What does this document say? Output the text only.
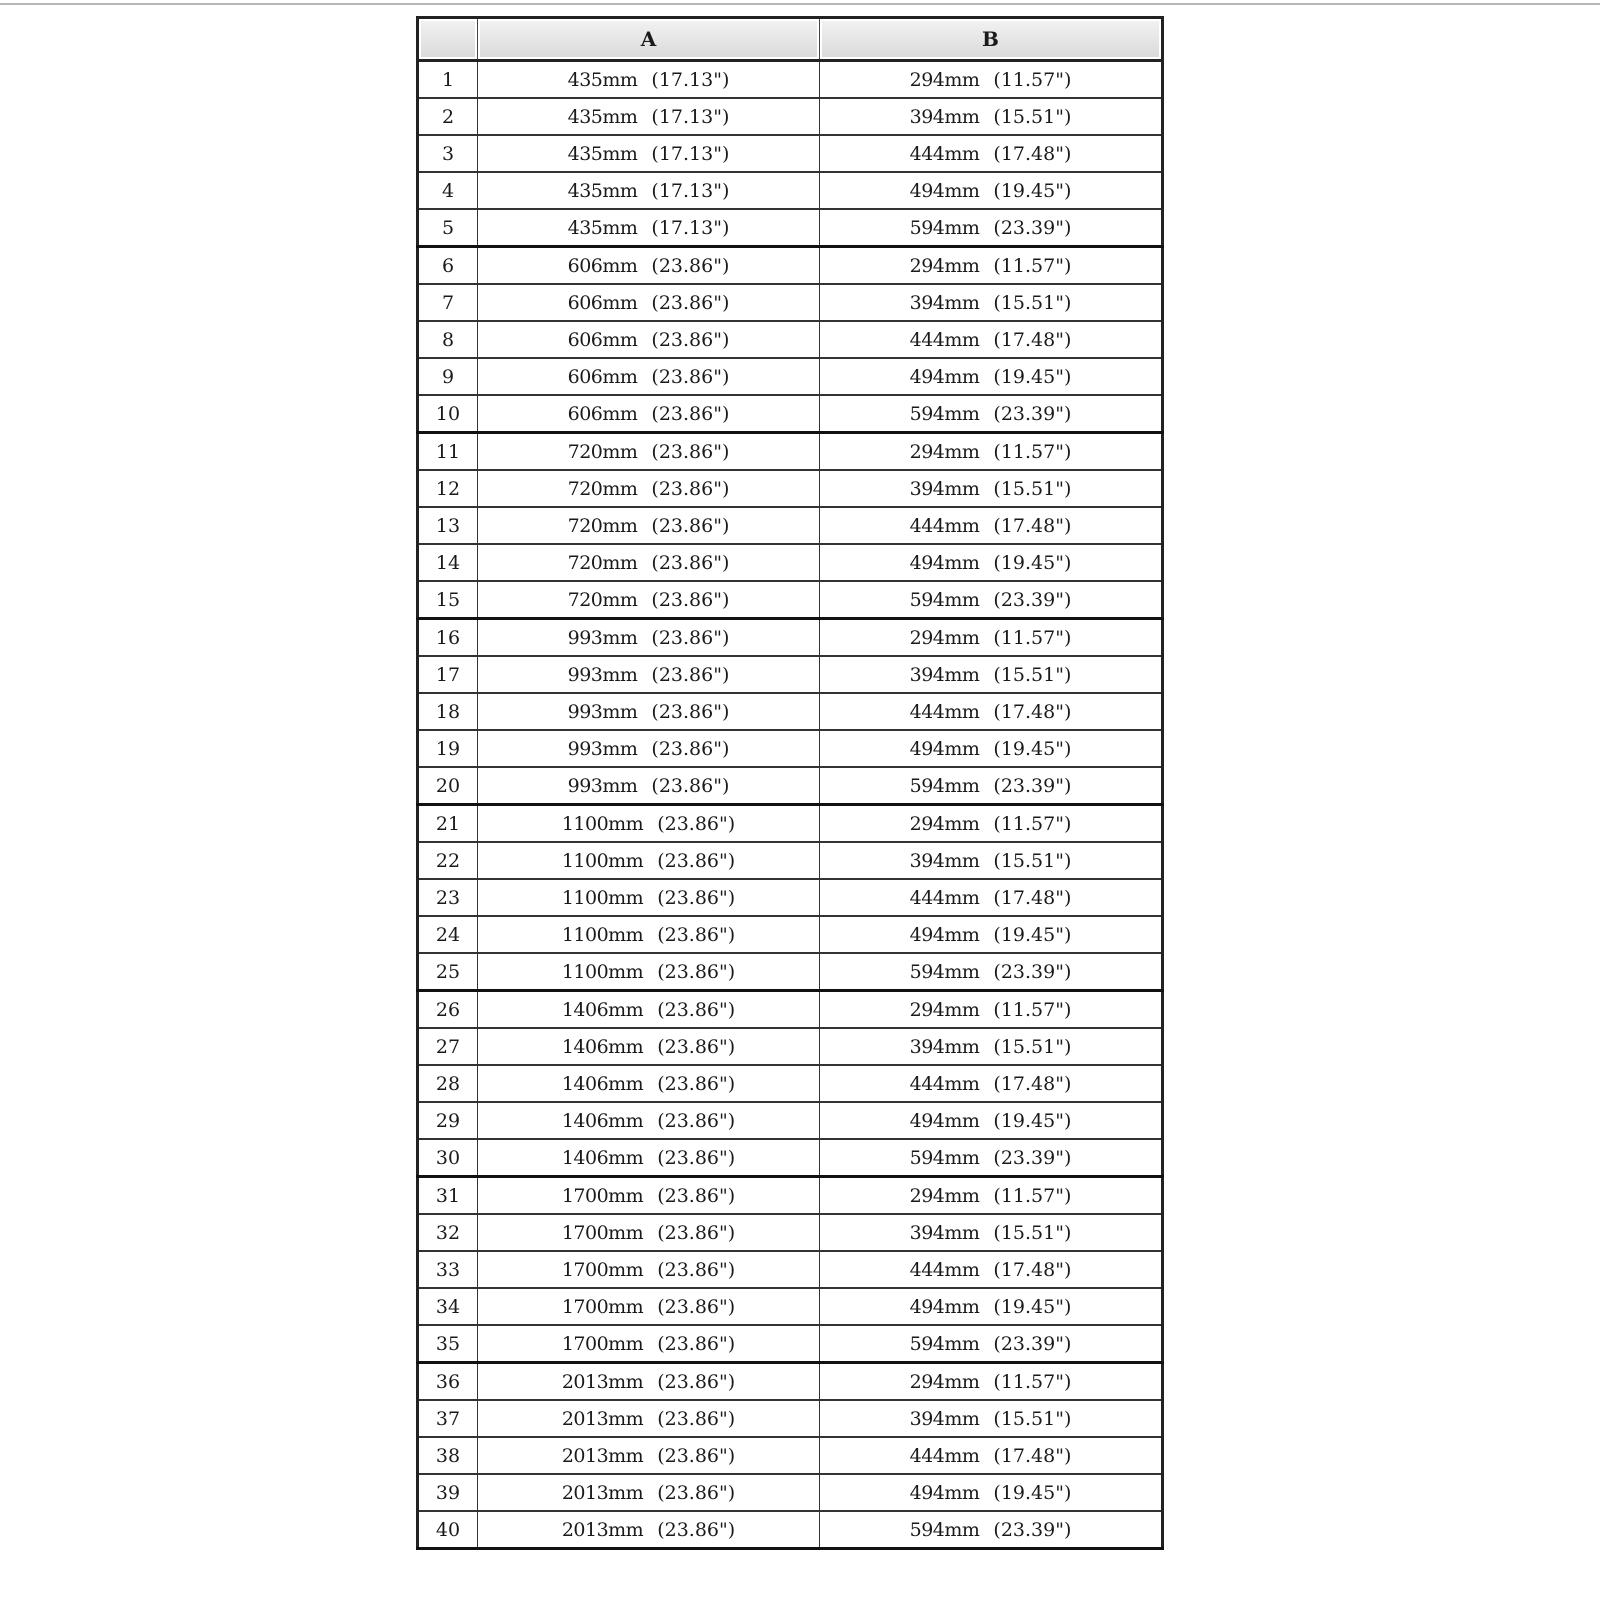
	A	B
1	435mm (17.13")	294mm (11.57")
2	435mm (17.13")	394mm (15.51")
3	435mm (17.13")	444mm (17.48")
4	435mm (17.13")	494mm (19.45")
5	435mm (17.13")	594mm (23.39")
6	606mm (23.86")	294mm (11.57")
7	606mm (23.86")	394mm (15.51")
8	606mm (23.86")	444mm (17.48")
9	606mm (23.86")	494mm (19.45")
10	606mm (23.86")	594mm (23.39")
11	720mm (23.86")	294mm (11.57")
12	720mm (23.86")	394mm (15.51")
13	720mm (23.86")	444mm (17.48")
14	720mm (23.86")	494mm (19.45")
15	720mm (23.86")	594mm (23.39")
16	993mm (23.86")	294mm (11.57")
17	993mm (23.86")	394mm (15.51")
18	993mm (23.86")	444mm (17.48")
19	993mm (23.86")	494mm (19.45")
20	993mm (23.86")	594mm (23.39")
21	1100mm (23.86")	294mm (11.57")
22	1100mm (23.86")	394mm (15.51")
23	1100mm (23.86")	444mm (17.48")
24	1100mm (23.86")	494mm (19.45")
25	1100mm (23.86")	594mm (23.39")
26	1406mm (23.86")	294mm (11.57")
27	1406mm (23.86")	394mm (15.51")
28	1406mm (23.86")	444mm (17.48")
29	1406mm (23.86")	494mm (19.45")
30	1406mm (23.86")	594mm (23.39")
31	1700mm (23.86")	294mm (11.57")
32	1700mm (23.86")	394mm (15.51")
33	1700mm (23.86")	444mm (17.48")
34	1700mm (23.86")	494mm (19.45")
35	1700mm (23.86")	594mm (23.39")
36	2013mm (23.86")	294mm (11.57")
37	2013mm (23.86")	394mm (15.51")
38	2013mm (23.86")	444mm (17.48")
39	2013mm (23.86")	494mm (19.45")
40	2013mm (23.86")	594mm (23.39")
